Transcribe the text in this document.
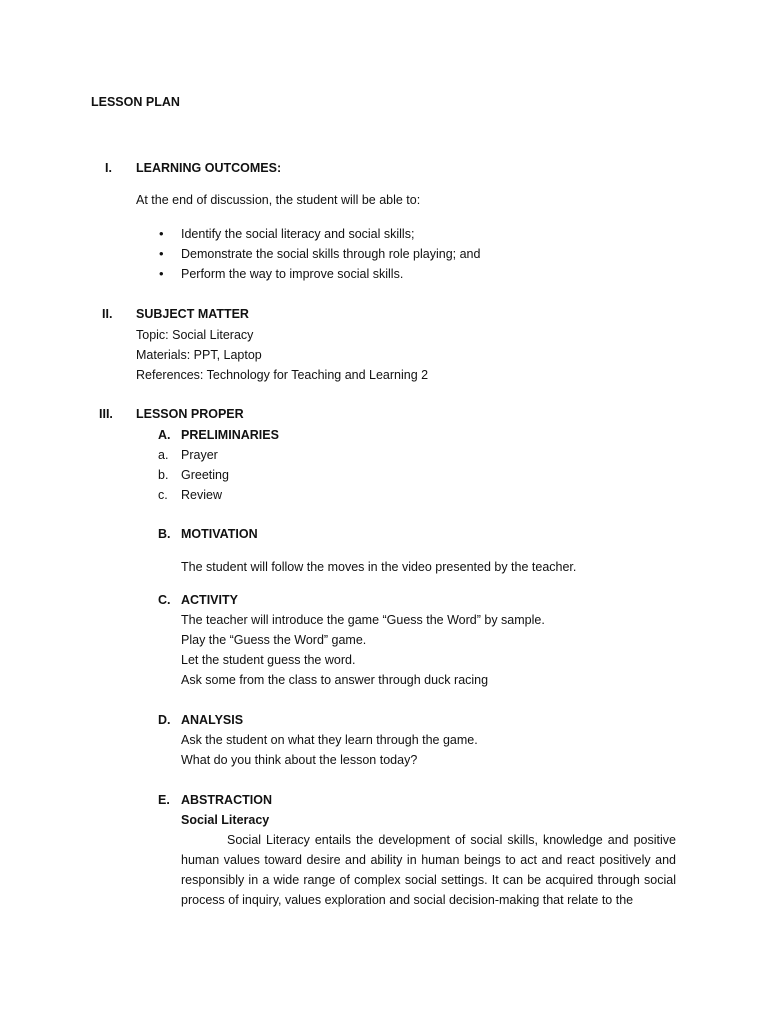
LESSON PLAN
I.	LEARNING OUTCOMES:
At the end of discussion, the student will be able to:
• Identify the social literacy and social skills;
• Demonstrate the social skills through role playing; and
• Perform the way to improve social skills.
II.	SUBJECT MATTER
Topic: Social Literacy
Materials: PPT, Laptop
References: Technology for Teaching and Learning 2
III.	LESSON PROPER
A. PRELIMINARIES
a. Prayer
b. Greeting
c. Review
B. MOTIVATION
The student will follow the moves in the video presented by the teacher.
C. ACTIVITY
The teacher will introduce the game “Guess the Word” by sample.
Play the “Guess the Word” game.
Let the student guess the word.
Ask some from the class to answer through duck racing
D. ANALYSIS
Ask the student on what they learn through the game.
What do you think about the lesson today?
E. ABSTRACTION
Social Literacy
Social Literacy entails the development of social skills, knowledge and positive human values toward desire and ability in human beings to act and react positively and responsibly in a wide range of complex social settings. It can be acquired through social process of inquiry, values exploration and social decision-making that relate to the
